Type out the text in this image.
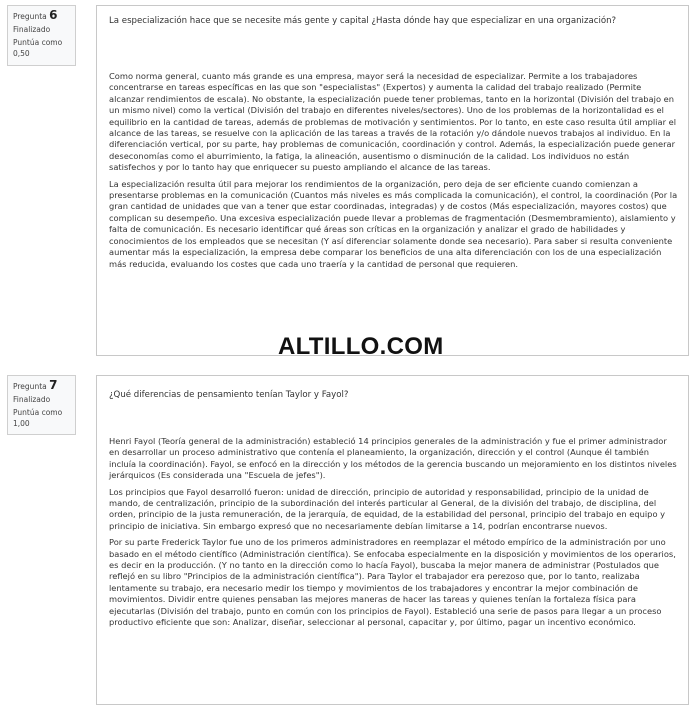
Pregunta 6
Finalizado
Puntúa como
0,50

La especialización hace que se necesite más gente y capital ¿Hasta dónde hay que especializar en una organización?

Como norma general, cuanto más grande es una empresa, mayor será la necesidad de especializar. Permite a los trabajadores concentrarse en tareas específicas en las que son "especialistas" (Expertos) y aumenta la calidad del trabajo realizado (Permite alcanzar rendimientos de escala). No obstante, la especialización puede tener problemas, tanto en la horizontal (División del trabajo en un mismo nivel) como la vertical (División del trabajo en diferentes niveles/sectores). Uno de los problemas de la horizontalidad es el equilibrio en la cantidad de tareas, además de problemas de motivación y sentimientos. Por lo tanto, en este caso resulta útil ampliar el alcance de las tareas, se resuelve con la aplicación de las tareas a través de la rotación y/o dándole nuevos trabajos al individuo. En la diferenciación vertical, por su parte, hay problemas de comunicación, coordinación y control. Además, la especialización puede generar deseconomías como el aburrimiento, la fatiga, la alineación, ausentismo o disminución de la calidad. Los individuos no están satisfechos y por lo tanto hay que enriquecer su puesto ampliando el alcance de las tareas.

La especialización resulta útil para mejorar los rendimientos de la organización, pero deja de ser eficiente cuando comienzan a presentarse problemas en la comunicación (Cuantos más niveles es más complicada la comunicación), el control, la coordinación (Por la gran cantidad de unidades que van a tener que estar coordinadas, integradas) y de costos (Más especialización, mayores costos) que complican su desempeño. Una excesiva especialización puede llevar a problemas de fragmentación (Desmembramiento), aislamiento y falta de comunicación. Es necesario identificar qué áreas son críticas en la organización y analizar el grado de habilidades y conocimientos de los empleados que se necesitan (Y así diferenciar solamente donde sea necesario). Para saber si resulta conveniente aumentar más la especialización, la empresa debe comparar los beneficios de una alta diferenciación con los de una especialización más reducida, evaluando los costes que cada uno traería y la cantidad de personal que requieren.

ALTILLO.COM
Pregunta 7
Finalizado
Puntúa como
1,00

¿Qué diferencias de pensamiento tenían Taylor y Fayol?

Henri Fayol (Teoría general de la administración) estableció 14 principios generales de la administración y fue el primer administrador en desarrollar un proceso administrativo que contenía el planeamiento, la organización, dirección y el control (Aunque él también incluía la coordinación). Fayol, se enfocó en la dirección y los métodos de la gerencia buscando un mejoramiento en los distintos niveles jerárquicos (Es considerada una "Escuela de jefes").

Los principios que Fayol desarrolló fueron: unidad de dirección, principio de autoridad y responsabilidad, principio de la unidad de mando, de centralización, principio de la subordinación del interés particular al General, de la división del trabajo, de disciplina, del orden, principio de la justa remuneración, de la jerarquía, de equidad, de la estabilidad del personal, principio del trabajo en equipo y principio de iniciativa. Sin embargo expresó que no necesariamente debían limitarse a 14, podrían encontrarse nuevos.

Por su parte Frederick Taylor fue uno de los primeros administradores en reemplazar el método empírico de la administración por uno basado en el método científico (Administración científica). Se enfocaba especialmente en la disposición y movimientos de los operarios, es decir en la producción. (Y no tanto en la dirección como lo hacía Fayol), buscaba la mejor manera de administrar (Postulados que reflejó en su libro "Principios de la administración científica"). Para Taylor el trabajador era perezoso que, por lo tanto, realizaba lentamente su trabajo, era necesario medir los tiempo y movimientos de los trabajadores y encontrar la mejor combinación de movimientos. Dividir entre quienes pensaban las mejores maneras de hacer las tareas y quienes tenían la fortaleza física para ejecutarlas (División del trabajo, punto en común con los principios de Fayol). Estableció una serie de pasos para llegar a un proceso productivo eficiente que son: Analizar, diseñar, seleccionar al personal, capacitar y, por último, pagar un incentivo económico.
